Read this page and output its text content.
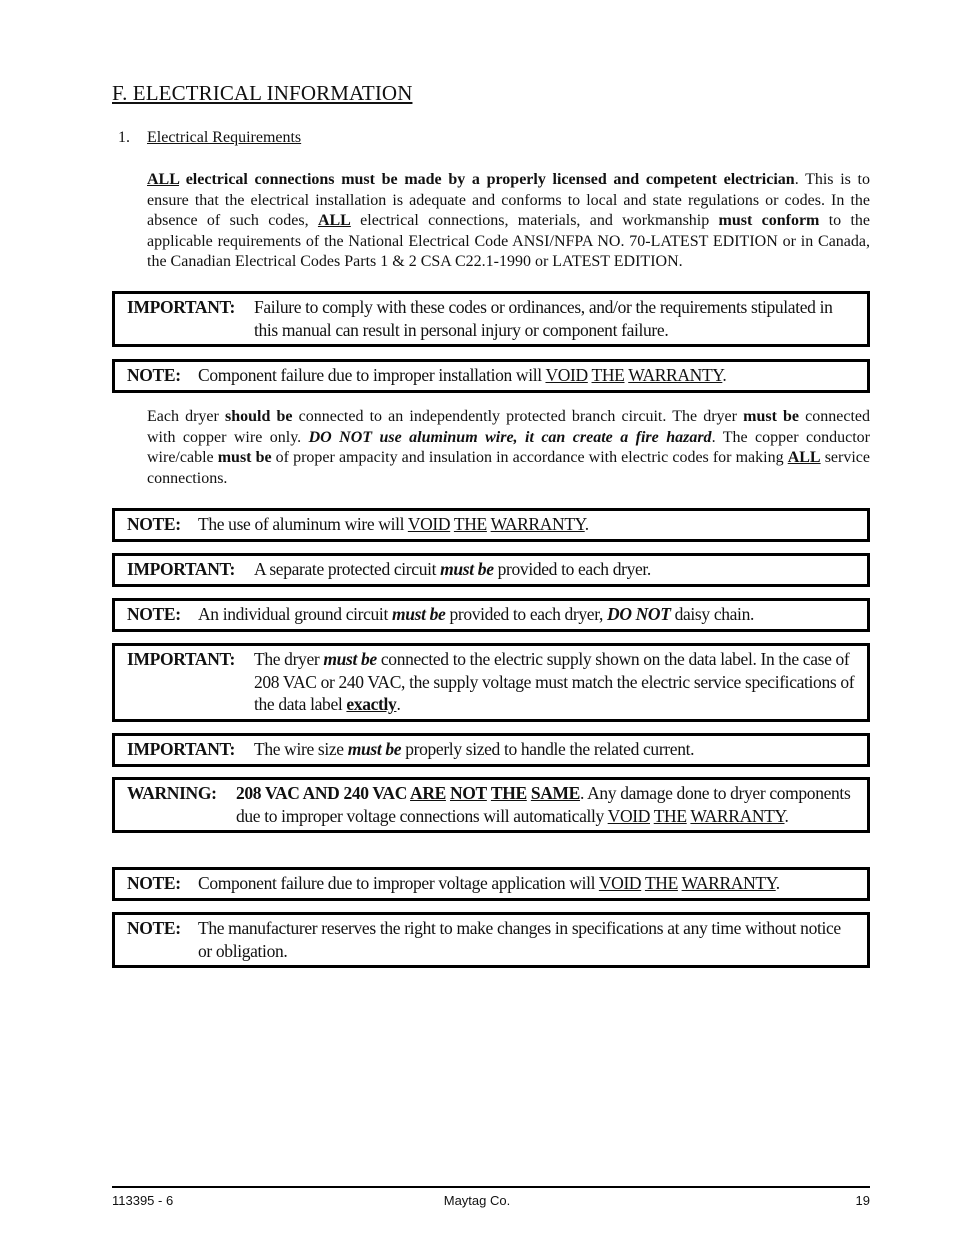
F. ELECTRICAL INFORMATION
1. Electrical Requirements
ALL electrical connections must be made by a properly licensed and competent electrician. This is to ensure that the electrical installation is adequate and conforms to local and state regulations or codes. In the absence of such codes, ALL electrical connections, materials, and workmanship must conform to the applicable requirements of the National Electrical Code ANSI/NFPA NO. 70-LATEST EDITION or in Canada, the Canadian Electrical Codes Parts 1 & 2 CSA C22.1-1990 or LATEST EDITION.
IMPORTANT:	Failure to comply with these codes or ordinances, and/or the requirements stipulated in this manual can result in personal injury or component failure.
NOTE: Component failure due to improper installation will VOID THE WARRANTY.
Each dryer should be connected to an independently protected branch circuit. The dryer must be connected with copper wire only. DO NOT use aluminum wire, it can create a fire hazard. The copper conductor wire/cable must be of proper ampacity and insulation in accordance with electric codes for making ALL service connections.
NOTE: The use of aluminum wire will VOID THE WARRANTY.
IMPORTANT:	A separate protected circuit must be provided to each dryer.
NOTE: An individual ground circuit must be provided to each dryer, DO NOT daisy chain.
IMPORTANT:	The dryer must be connected to the electric supply shown on the data label. In the case of 208 VAC or 240 VAC, the supply voltage must match the electric service specifications of the data label exactly.
IMPORTANT:	The wire size must be properly sized to handle the related current.
WARNING:	208 VAC AND 240 VAC ARE NOT THE SAME. Any damage done to dryer components due to improper voltage connections will automatically VOID THE WARRANTY.
NOTE: Component failure due to improper voltage application will VOID THE WARRANTY.
NOTE: The manufacturer reserves the right to make changes in specifications at any time without notice or obligation.
113395 - 6	Maytag Co.	19
